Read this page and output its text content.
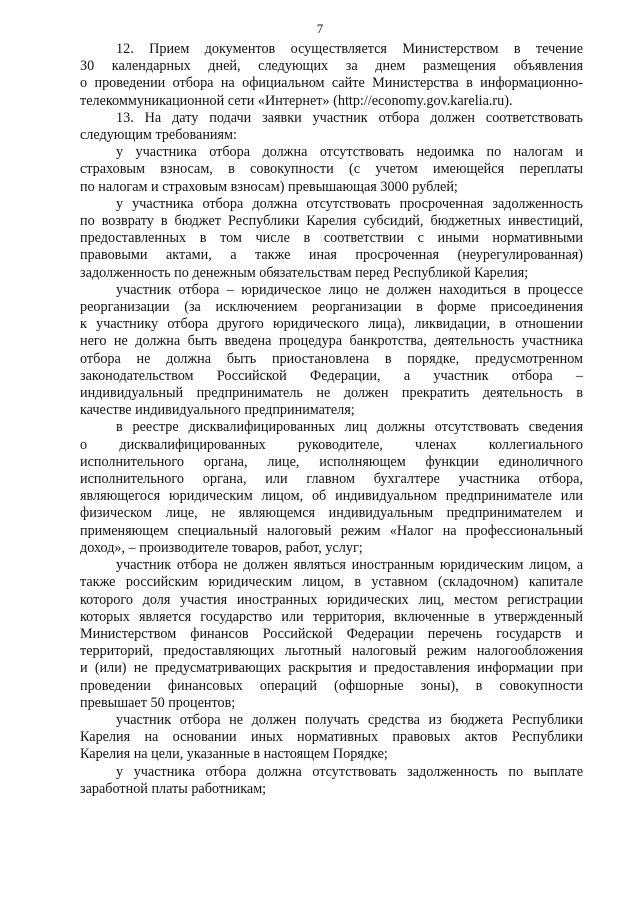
7
12. Прием документов осуществляется Министерством в течение
30 календарных дней, следующих за днем размещения объявления
о проведении отбора на официальном сайте Министерства в информационно-
телекоммуникационной сети «Интернет» (http://economy.gov.karelia.ru).
13. На дату подачи заявки участник отбора должен соответствовать
следующим требованиям:
у участника отбора должна отсутствовать недоимка по налогам и
страховым взносам, в совокупности (с учетом имеющейся переплаты
по налогам и страховым взносам) превышающая 3000 рублей;
у участника отбора должна отсутствовать просроченная задолженность
по возврату в бюджет Республики Карелия субсидий, бюджетных инвестиций,
предоставленных в том числе в соответствии с иными нормативными
правовыми актами, а также иная просроченная (неурегулированная)
задолженность по денежным обязательствам перед Республикой Карелия;
участник отбора – юридическое лицо не должен находиться в процессе
реорганизации (за исключением реорганизации в форме присоединения
к участнику отбора другого юридического лица), ликвидации, в отношении
него не должна быть введена процедура банкротства, деятельность участника
отбора не должна быть приостановлена в порядке, предусмотренном
законодательством Российской Федерации, а участник отбора –
индивидуальный предприниматель не должен прекратить деятельность в
качестве индивидуального предпринимателя;
в реестре дисквалифицированных лиц должны отсутствовать сведения
о дисквалифицированных руководителе, членах коллегиального
исполнительного органа, лице, исполняющем функции единоличного
исполнительного органа, или главном бухгалтере участника отбора,
являющегося юридическим лицом, об индивидуальном предпринимателе или
физическом лице, не являющемся индивидуальным предпринимателем и
применяющем специальный налоговый режим «Налог на профессиональный
доход», – производителе товаров, работ, услуг;
участник отбора не должен являться иностранным юридическим лицом, а
также российским юридическим лицом, в уставном (складочном) капитале
которого доля участия иностранных юридических лиц, местом регистрации
которых является государство или территория, включенные в утвержденный
Министерством финансов Российской Федерации перечень государств и
территорий, предоставляющих льготный налоговый режим налогообложения
и (или) не предусматривающих раскрытия и предоставления информации при
проведении финансовых операций (офшорные зоны), в совокупности
превышает 50 процентов;
участник отбора не должен получать средства из бюджета Республики
Карелия на основании иных нормативных правовых актов Республики
Карелия на цели, указанные в настоящем Порядке;
у участника отбора должна отсутствовать задолженность по выплате
заработной платы работникам;
